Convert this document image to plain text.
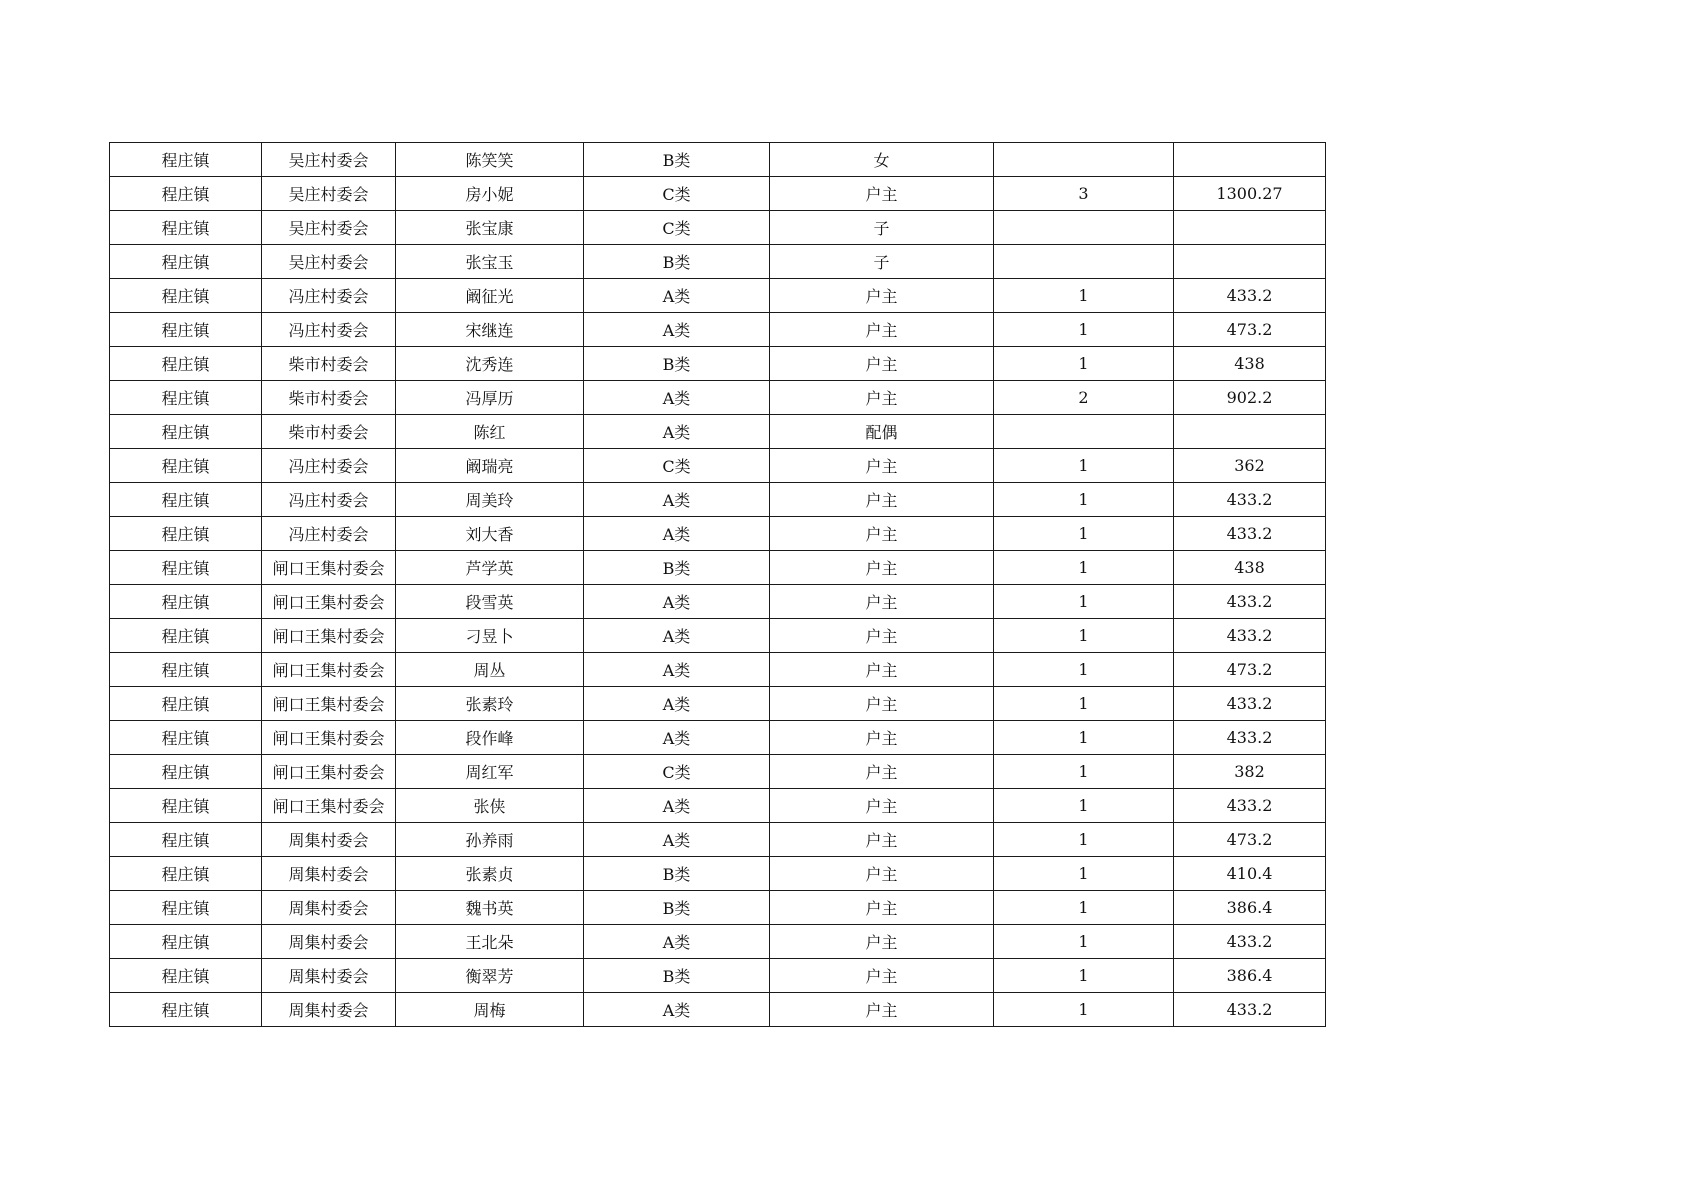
程庄镇	吴庄村委会	陈笑笑	B类	女		
程庄镇	吴庄村委会	房小妮	C类	户主	3	1300.27
程庄镇	吴庄村委会	张宝康	C类	子		
程庄镇	吴庄村委会	张宝玉	B类	子		
程庄镇	冯庄村委会	阚征光	A类	户主	1	433.2
程庄镇	冯庄村委会	宋继连	A类	户主	1	473.2
程庄镇	柴市村委会	沈秀连	B类	户主	1	438
程庄镇	柴市村委会	冯厚历	A类	户主	2	902.2
程庄镇	柴市村委会	陈红	A类	配偶		
程庄镇	冯庄村委会	阚瑞亮	C类	户主	1	362
程庄镇	冯庄村委会	周美玲	A类	户主	1	433.2
程庄镇	冯庄村委会	刘大香	A类	户主	1	433.2
程庄镇	闸口王集村委会	芦学英	B类	户主	1	438
程庄镇	闸口王集村委会	段雪英	A类	户主	1	433.2
程庄镇	闸口王集村委会	刁昱卜	A类	户主	1	433.2
程庄镇	闸口王集村委会	周丛	A类	户主	1	473.2
程庄镇	闸口王集村委会	张素玲	A类	户主	1	433.2
程庄镇	闸口王集村委会	段作峰	A类	户主	1	433.2
程庄镇	闸口王集村委会	周红军	C类	户主	1	382
程庄镇	闸口王集村委会	张侠	A类	户主	1	433.2
程庄镇	周集村委会	孙养雨	A类	户主	1	473.2
程庄镇	周集村委会	张素贞	B类	户主	1	410.4
程庄镇	周集村委会	魏书英	B类	户主	1	386.4
程庄镇	周集村委会	王北朵	A类	户主	1	433.2
程庄镇	周集村委会	衡翠芳	B类	户主	1	386.4
程庄镇	周集村委会	周梅	A类	户主	1	433.2
